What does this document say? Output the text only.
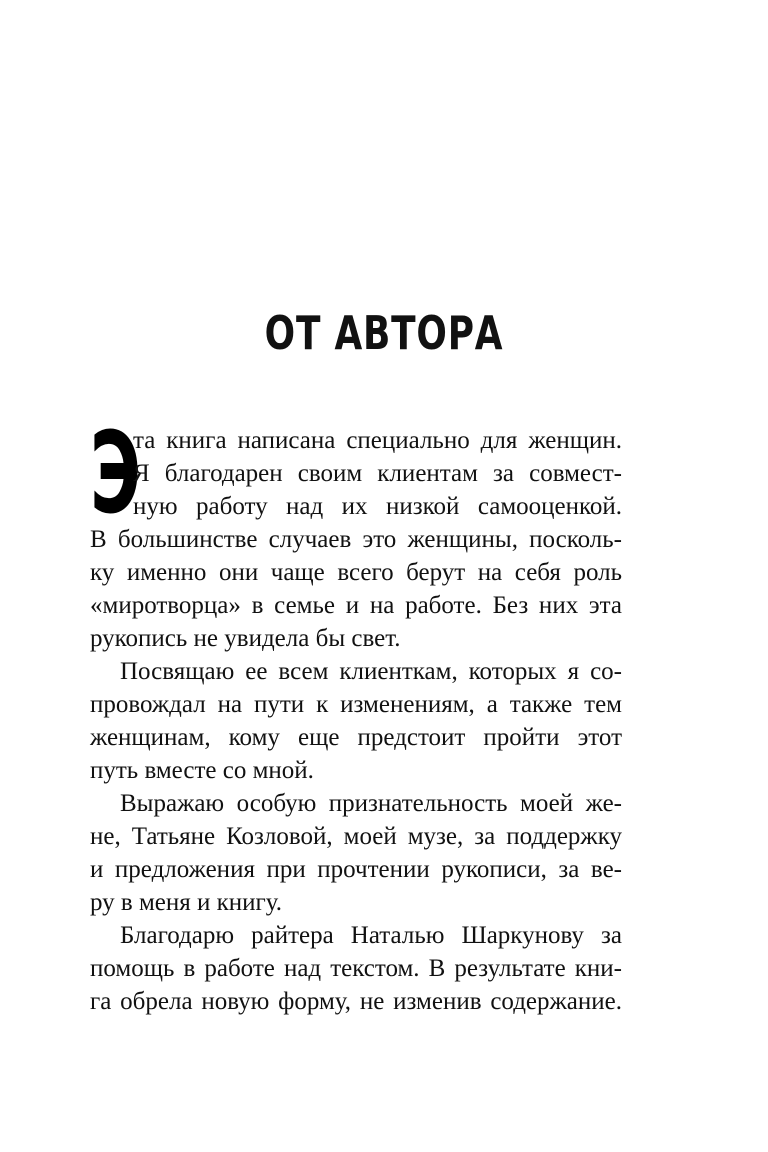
ОТ АВТОРА
Э
та книга написана специально для женщин.
Я благодарен своим клиентам за совмест-
ную работу над их низкой самооценкой.
В большинстве случаев это женщины, посколь-
ку именно они чаще всего берут на себя роль
«миротворца» в семье и на работе. Без них эта
рукопись не увидела бы свет.
Посвящаю ее всем клиенткам, которых я со-
провождал на пути к изменениям, а также тем
женщинам, кому еще предстоит пройти этот
путь вместе со мной.
Выражаю особую признательность моей же-
не, Татьяне Козловой, моей музе, за поддержку
и предложения при прочтении рукописи, за ве-
ру в меня и книгу.
Благодарю райтера Наталью Шаркунову за
помощь в работе над текстом. В результате кни-
га обрела новую форму, не изменив содержание.
